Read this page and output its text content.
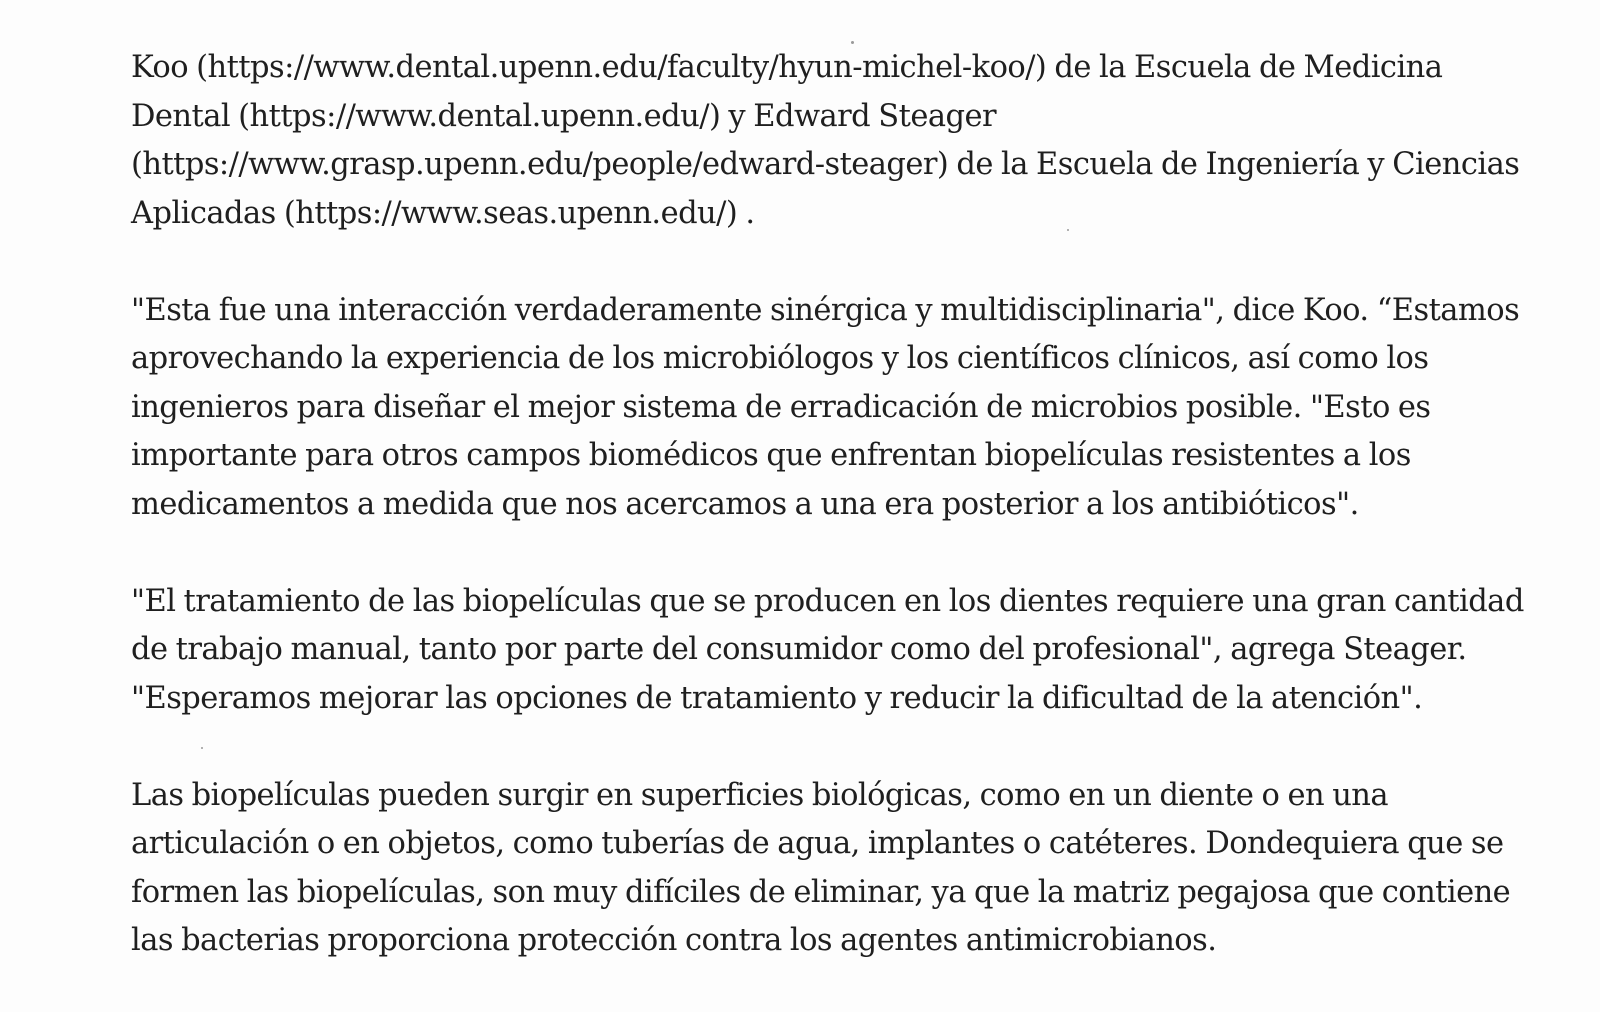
Koo (https://www.dental.upenn.edu/faculty/hyun-michel-koo/) de la Escuela de Medicina
Dental (https://www.dental.upenn.edu/) y Edward Steager
(https://www.grasp.upenn.edu/people/edward-steager) de la Escuela de Ingeniería y Ciencias
Aplicadas (https://www.seas.upenn.edu/) .
"Esta fue una interacción verdaderamente sinérgica y multidisciplinaria", dice Koo. “Estamos
aprovechando la experiencia de los microbiólogos y los científicos clínicos, así como los
ingenieros para diseñar el mejor sistema de erradicación de microbios posible. "Esto es
importante para otros campos biomédicos que enfrentan biopelículas resistentes a los
medicamentos a medida que nos acercamos a una era posterior a los antibióticos".
"El tratamiento de las biopelículas que se producen en los dientes requiere una gran cantidad
de trabajo manual, tanto por parte del consumidor como del profesional", agrega Steager.
"Esperamos mejorar las opciones de tratamiento y reducir la dificultad de la atención".
Las biopelículas pueden surgir en superficies biológicas, como en un diente o en una
articulación o en objetos, como tuberías de agua, implantes o catéteres. Dondequiera que se
formen las biopelículas, son muy difíciles de eliminar, ya que la matriz pegajosa que contiene
las bacterias proporciona protección contra los agentes antimicrobianos.
